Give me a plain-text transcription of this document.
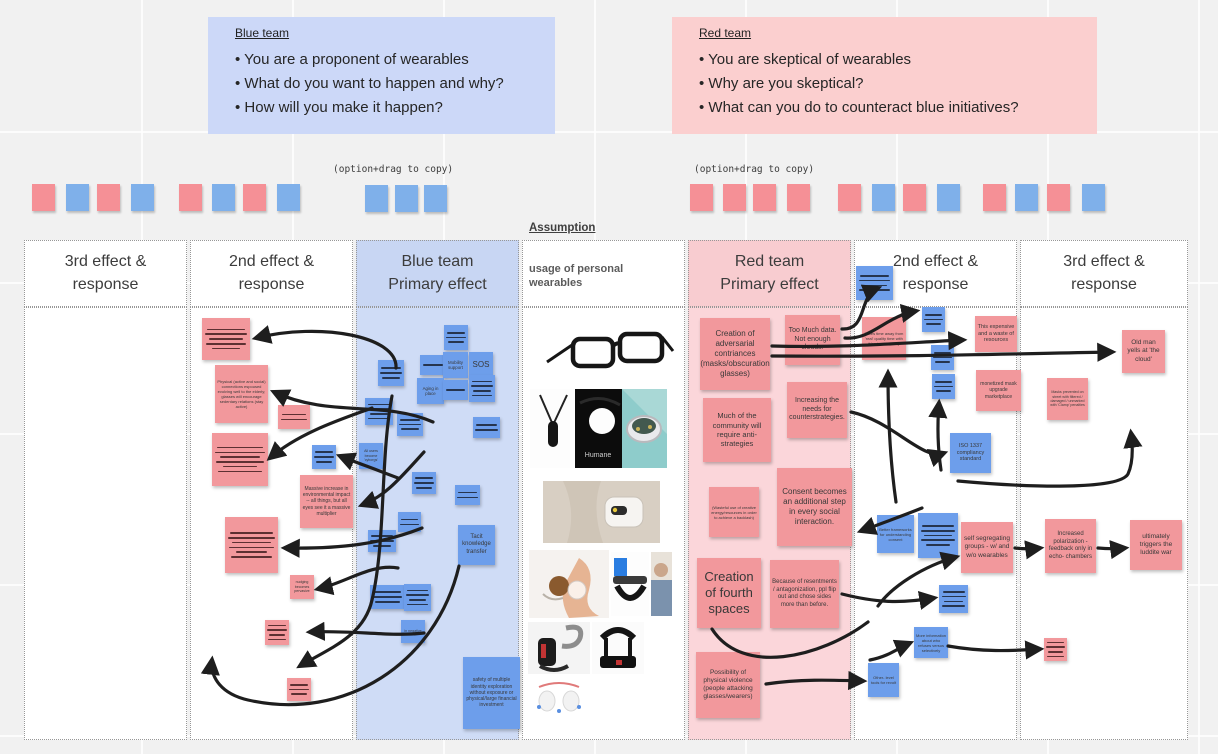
Blue team
• You are a proponent of wearables
• What do you want to happen and why?
• How will you make it happen?
Red team
• You are skeptical of wearables
• Why are you skeptical?
• What can you do to counteract blue initiatives?
(option+drag to copy)	(option+drag to copy)
3rd effect &
response
2nd effect &
response
Blue team
Primary effect

Assumption

usage of personal wearables

Red team
Primary effect
2nd effect &
response
3rd effect &
response
Humane
Physical (active and social) connections espoused evolving well to the elderly; glasses will encourage sedentary relations (stay active)
Massive increase in environmental impact -- all things, but all eyes see it a massive multiplier
nudging becomes pervasive
Mobility support	SOS
Aging in place
All users become 'cyborgs'
Tacit knowledge transfer
in negative
safety of multiple identity exploration without exposure or physical/large financial investment
Creation of adversarial contriances (masks/obscuration glasses)
Too Much data. Not enough clouds.
Increasing the needs for counterstrategies.
Much of the community will require anti-strategies
(Wasteful use of creative energy/resources in order to achieve a backlash)
Consent becomes an additional step in every social interaction.
Creation of fourth spaces
Because of resentments / antagonization, ppl flip out and chose sides more than before.
Possibility of physical violence (people attacking glasses/wearers)
Takes time away from 'real' quality time with friends and family
This expensive and a waste of resources
monetized mask upgrade marketplace
ISO 1337 compliancy standard
Better frameworks for understanding consent	self segregating groups - w/ and w/o wearables
More information about who refuses versus selectively
Other- level tools for revolt
Old man yells at 'the cloud'
Masks prevented on street with filtered / damaged / unmarked with 'Clamp' penalties
Increased polarization - feedback only in echo- chambers
ultimately triggers the luddite war
